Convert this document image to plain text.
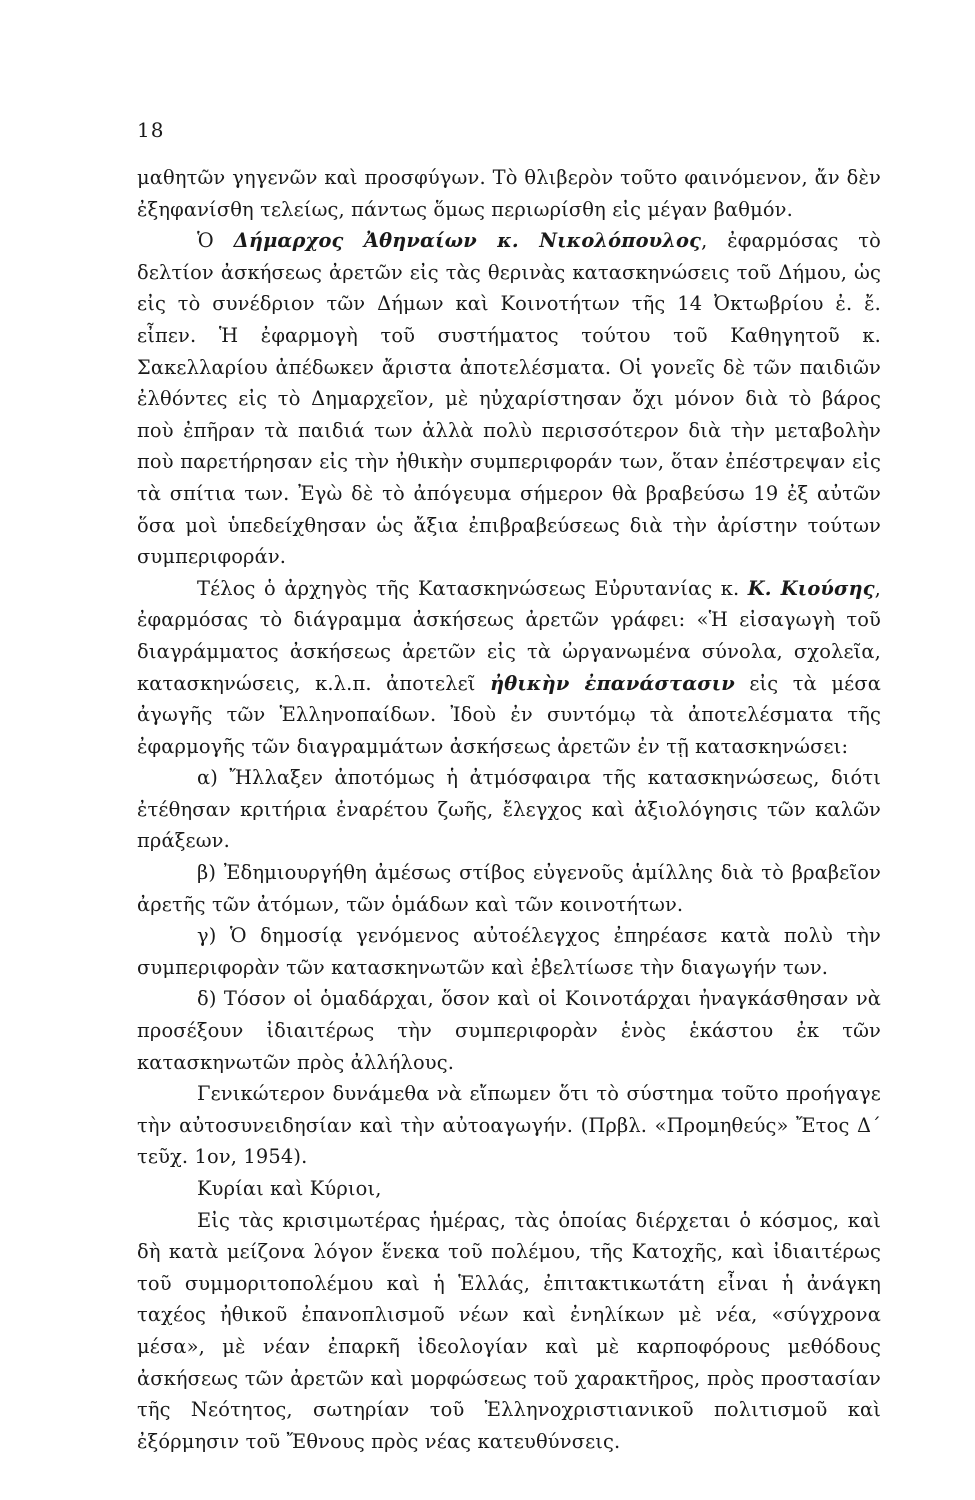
18

μαθητῶν γηγενῶν καὶ προσφύγων. Τὸ θλιβερὸν τοῦτο φαινόμενον, ἄν δὲν ἐξηφανίσθη τελείως, πάντως ὅμως περιωρίσθη εἰς μέγαν βαθμόν.

Ὁ Δήμαρχος Ἀθηναίων κ. Νικολόπουλος, ἐφαρμόσας τὸ δελτίον ἀσκήσεως ἀρετῶν εἰς τὰς θερινὰς κατασκηνώσεις τοῦ Δήμου, ὡς εἰς τὸ συνέδριον τῶν Δήμων καὶ Κοινοτήτων τῆς 14 Ὀκτωβρίου ἐ. ἔ. εἶπεν. Ἡ ἐφαρμογὴ τοῦ συστήματος τούτου τοῦ Καθηγητοῦ κ. Σακελλαρίου ἀπέδωκεν ἄριστα ἀποτελέσματα. Οἱ γονεῖς δὲ τῶν παιδιῶν ἐλθόντες εἰς τὸ Δημαρχεῖον, μὲ ηὐχαρίστησαν ὄχι μόνον διὰ τὸ βάρος ποὺ ἐπῆραν τὰ παιδιά των ἀλλὰ πολὺ περισσότερον διὰ τὴν μεταβολὴν ποὺ παρετήρησαν εἰς τὴν ἠθικὴν συμπεριφοράν των, ὅταν ἐπέστρεψαν εἰς τὰ σπίτια των. Ἐγὼ δὲ τὸ ἀπόγευμα σήμερον θὰ βραβεύσω 19 ἐξ αὐτῶν ὅσα μοὶ ὑπεδείχθησαν ὡς ἄξια ἐπιβραβεύσεως διὰ τὴν ἀρίστην τούτων συμπεριφοράν.

Τέλος ὁ ἀρχηγὸς τῆς Κατασκηνώσεως Εὐρυτανίας κ. Κ. Κιούσης, ἐφαρμόσας τὸ διάγραμμα ἀσκήσεως ἀρετῶν γράφει: «Ἡ εἰσαγωγὴ τοῦ διαγράμματος ἀσκήσεως ἀρετῶν εἰς τὰ ὠργανωμένα σύνολα, σχολεῖα, κατασκηνώσεις, κ.λ.π. ἀποτελεῖ ἠθικὴν ἐπανάστασιν εἰς τὰ μέσα ἀγωγῆς τῶν Ἑλληνοπαίδων. Ἰδοὺ ἐν συντόμῳ τὰ ἀποτελέσματα τῆς ἐφαρμογῆς τῶν διαγραμμάτων ἀσκήσεως ἀρετῶν ἐν τῇ κατασκηνώσει:

α) Ἤλλαξεν ἀποτόμως ἡ ἀτμόσφαιρα τῆς κατασκηνώσεως, διότι ἐτέθησαν κριτήρια ἐναρέτου ζωῆς, ἔλεγχος καὶ ἀξιολόγησις τῶν καλῶν πράξεων.

β) Ἐδημιουργήθη ἀμέσως στίβος εὐγενοῦς ἁμίλλης διὰ τὸ βραβεῖον ἀρετῆς τῶν ἀτόμων, τῶν ὁμάδων καὶ τῶν κοινοτήτων.

γ) Ὁ δημοσίᾳ γενόμενος αὐτοέλεγχος ἐπηρέασε κατὰ πολὺ τὴν συμπεριφορὰν τῶν κατασκηνωτῶν καὶ ἐβελτίωσε τὴν διαγωγήν των.

δ) Τόσον οἱ ὁμαδάρχαι, ὅσον καὶ οἱ Κοινοτάρχαι ἠναγκάσθησαν νὰ προσέξουν ἰδιαιτέρως τὴν συμπεριφορὰν ἑνὸς ἑκάστου ἐκ τῶν κατασκηνωτῶν πρὸς ἀλλήλους.

Γενικώτερον δυνάμεθα νὰ εἴπωμεν ὅτι τὸ σύστημα τοῦτο προήγαγε τὴν αὐτοσυνειδησίαν καὶ τὴν αὐτοαγωγήν. (Πρβλ. «Προμηθεύς» Ἔτος Δ΄ τεῦχ. 1ον, 1954).

Κυρίαι καὶ Κύριοι,

Εἰς τὰς κρισιμωτέρας ἡμέρας, τὰς ὁποίας διέρχεται ὁ κόσμος, καὶ δὴ κατὰ μείζονα λόγον ἕνεκα τοῦ πολέμου, τῆς Κατοχῆς, καὶ ἰδιαιτέρως τοῦ συμμοριτοπολέμου καὶ ἡ Ἑλλάς, ἐπιτακτικωτάτη εἶναι ἡ ἀνάγκη ταχέος ἠθικοῦ ἐπανοπλισμοῦ νέων καὶ ἐνηλίκων μὲ νέα, «σύγχρονα μέσα», μὲ νέαν ἐπαρκῆ ἰδεολογίαν καὶ μὲ καρποφόρους μεθόδους ἀσκήσεως τῶν ἀρετῶν καὶ μορφώσεως τοῦ χαρακτῆρος, πρὸς προστασίαν τῆς Νεότητος, σωτηρίαν τοῦ Ἑλληνοχριστιανικοῦ πολιτισμοῦ καὶ ἐξόρμησιν τοῦ Ἔθνους πρὸς νέας κατευθύνσεις.
